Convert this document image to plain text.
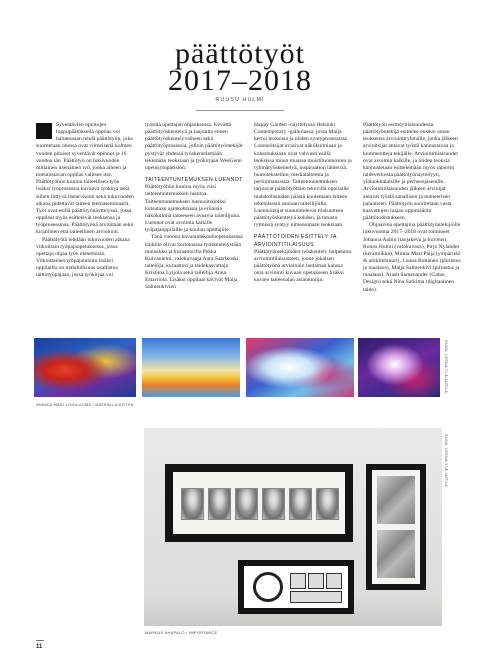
päättötyöt
2017–2018
RUUSU HULMI

Syventävien opintojen loppupäätöksellä oppilas voi halutessaan tehdä päättötyön, joka suoritetaan ohessa ovat viimeisenä kolmen vuoden pituiset syventävät opinnot ja 16 vuoden iän. Päättötyö on lukuvuoden mittainen itsenäinen työ, jonka aiheen ja toteutustavan oppilas valitsee itse. Päättötyöhön kuuluu taiteellisen työn lisäksi työprosessia kuvaava työkirja sekä siihen liittyvä itsearviointi sekä lukuvuoden aikana pidettävät taiteen teemaseminaarit. Työt ovat esillä päättötyönäyttelyssä, jossa oppilaat myös esittelevät teoksensa ja työprosessinsa. Päättötyönä arvioitaan sekä kirjallinen että taiteellinen arvioinnit.

Päättötyötä tehdään lukuvuoden aikana viikoittain työpajaopetuksessa, jossa opettaja ohjaa työn etenemistä. Viikoittainen työpajatunnin lisäksi oppilailla on mahdollisuus osallistua taittotyöpajaan, jossa työkirjaa voi

työstää opettajan ohjauksessa. Kevättä päättötyöskentelyä ja laajuutta ennen päättötyöskentelyvaiheen sekä päättötyöprosessia, jolloin päättötyöntekijät pystyvät yhdessä työskentelemään tekemään teoksiaan ja työkirjaan WeeGenn opetusympäristön.

TAITEENTUNTEMUKSEN LUENNOT

Päättötyöhön kuuluu myös viisi taiteentuntemuksen luentoa. Taiteentuntemuksen luennoitsijoiksi kutsutaan ajankohtaisia ja erilaisia näkökulmia taiteeseen avaavia taiteilijoita. Luennot ovat avoimia kaikille työpajaoppilaille ja koulun opettajille.

Tänä vuonna kuvataidekouluopetuksessa kaikille olivat kertomassa työskentelystään muusikko ja kuraattorilla Pekka Kuivaniemi, valokuvaaja Aura Saarikoski, taiteilija, kuraattori ja taidekasvattaja Kristiina Lyijola sekä taiteilija Anna Estarriola. Lisäksi oppilaat kävivät Maija Salmenkivien

Happy Garden -näyttelyssä Helsinki Contemporary -galleriassa, jossa Maija kertoi teoksista ja niiden syntyprosessista. Luennoitsijat avasivat näkökulmiaan ja kokemuksiaan ovat vahvasti esillä teoksissa muun muassa muistiluonnosten ja ryhmätyöskentelyä, inspiraation lähteistä, huutoteksteihin, mediataiteesta ja performanssista. Taiteentuntemuksen tarjoavat päättötyöttäin tekevillä oppilaille mahdollisuuden päästä kuulemaan taiteen tekemisestä suoraan taiteilijoilta. Luennoitsijat suunnittelevat tilaisuuteen päättötyöskentelyä kohden, ja tutustu rytmissä syntyy nimenomaan teoksiaan.

PÄÄTTÖTÖIDEN ESITTELY JA ARVIOINTITILAISUUS

Päättötyöntekijöiden työskentely huipentuu arviointitilaisuuteen, jonne jokaisen päättötyönä arvioinnin lautaman kanssa oma arviointi kuvaan opetukseen lisäksi kuvien taiteenalan asiantuntija.

Päättötyön esittelytilaisuudessa päättötyöntekijä esittelee ensiksi oman teoksensa arviointiryhmälle, jonka jälkeen arvioitsijat antavat työstä kannustavaa ja kommentteja tekijälle. Arviointitilaisuudet ovat avoimia kaikille, ja niiden teoksia kannustetaan esittelemään myös raportin taideverkosta päättötyönäyttelyyn, yläluokkalaisille ja perheenjäsenille. Arviointitilaisuuden jälkeen arvioijat antavat työstä sanallisen ja numeerisen palautteen. Päättötyön suoritetaan vasta kaavattujen laajan oppimäärän päättötodistukseen.

Ohjaavina opettajina päättötyöntekijöille lukuvuonna 2017–2018 ovat toimineet Johanna Aubin (taojakeva ja kuvitus), Ruusu Hulmi (valokuvaus), Pirjo Nylander (keramiikka), Minna-Mari Paija (ympäristö & arkkitehtuuri), Louna Ruttanen (piirustus ja maalaus), Maija Salmenkivi (piirustus ja maalaus), Arash Samenander (Game Design) sekä Nina Sarkima (digitaalinen taide).

ANNIKA MÄKI-LOHILUOMA / MATKALLA KOTIIN
KUVA: LEENA YLÄ-JUTILA
MARKUS AHAPALO / IMPORTANCE
KUVA: LEENA YLÄ-JUTILA
11
